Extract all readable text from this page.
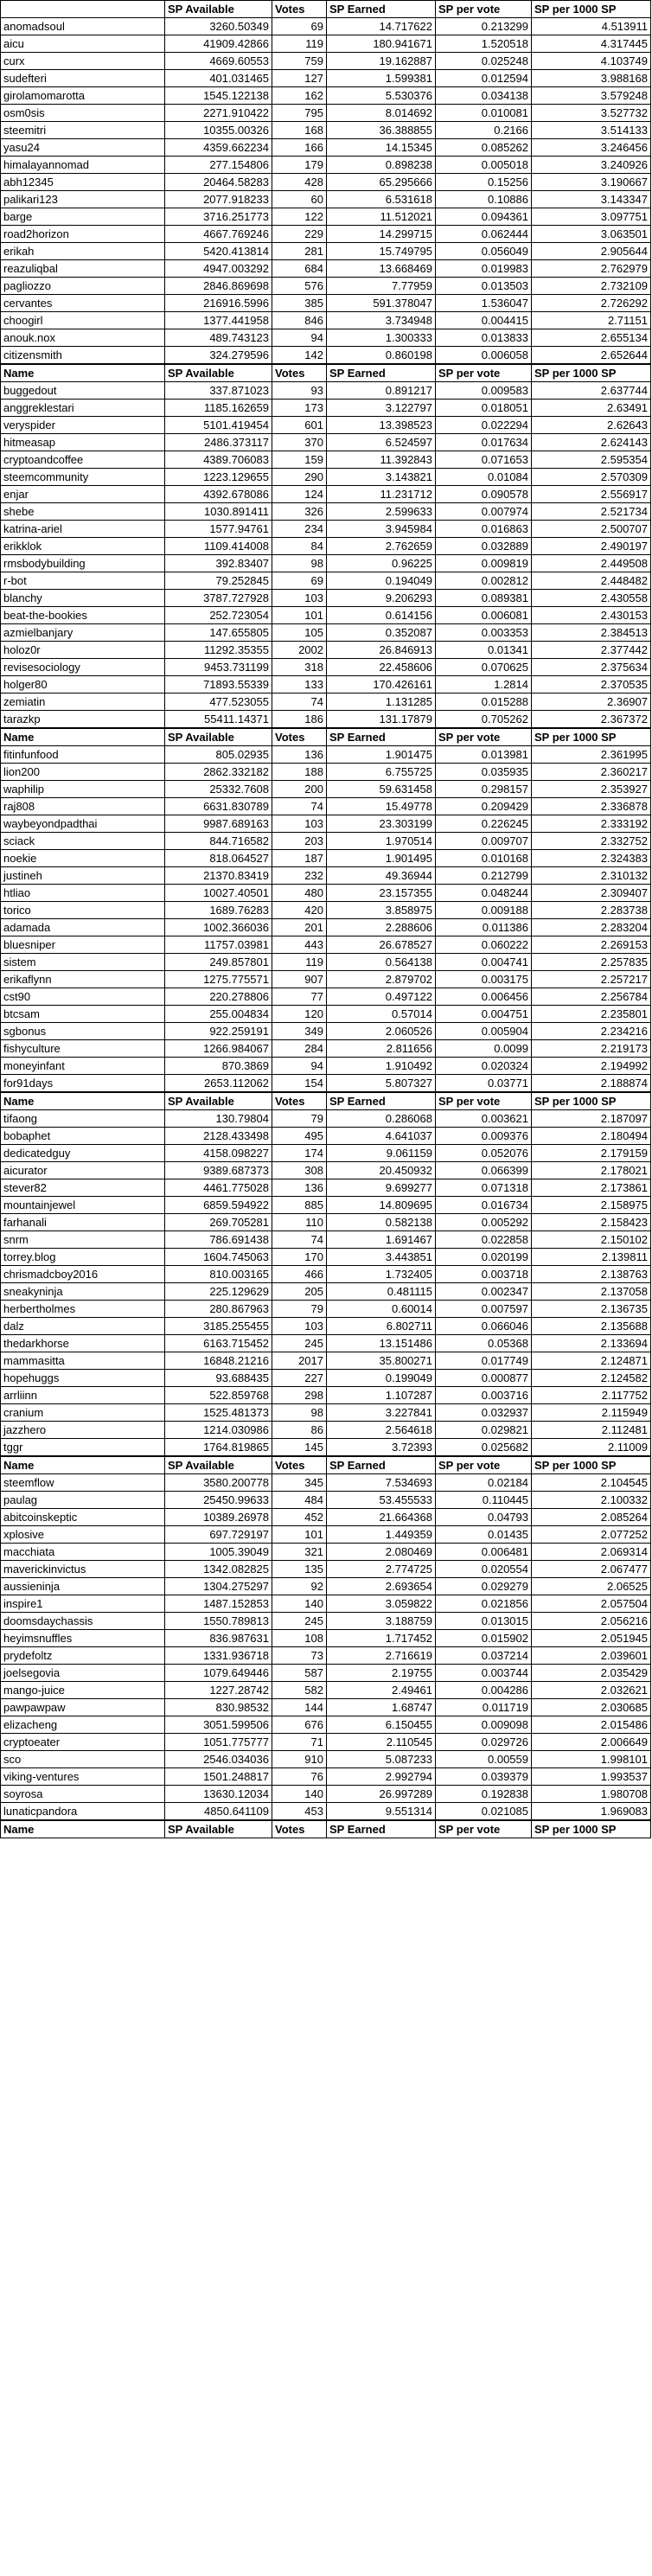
	SP Available	Votes	SP Earned	SP per vote	SP per 1000 SP
anomadsoul	3260.50349	69	14.717622	0.213299	4.513911
aicu	41909.42866	119	180.941671	1.520518	4.317445
curx	4669.60553	759	19.162887	0.025248	4.103749
sudefteri	401.031465	127	1.599381	0.012594	3.988168
girolamomarotta	1545.122138	162	5.530376	0.034138	3.579248
osm0sis	2271.910422	795	8.014692	0.010081	3.527732
steemitri	10355.00326	168	36.388855	0.2166	3.514133
yasu24	4359.662234	166	14.15345	0.085262	3.246456
himalayannomad	277.154806	179	0.898238	0.005018	3.240926
abh12345	20464.58283	428	65.295666	0.15256	3.190667
palikari123	2077.918233	60	6.531618	0.10886	3.143347
barge	3716.251773	122	11.512021	0.094361	3.097751
road2horizon	4667.769246	229	14.299715	0.062444	3.063501
erikah	5420.413814	281	15.749795	0.056049	2.905644
reazuliqbal	4947.003292	684	13.668469	0.019983	2.762979
pagliozzo	2846.869698	576	7.77959	0.013503	2.732109
cervantes	216916.5996	385	591.378047	1.536047	2.726292
choogirl	1377.441958	846	3.734948	0.004415	2.71151
anouk.nox	489.743123	94	1.300333	0.013833	2.655134
citizensmith	324.279596	142	0.860198	0.006058	2.652644
Name	SP Available	Votes	SP Earned	SP per vote	SP per 1000 SP
buggedout	337.871023	93	0.891217	0.009583	2.637744
anggreklestari	1185.162659	173	3.122797	0.018051	2.63491
veryspider	5101.419454	601	13.398523	0.022294	2.62643
hitmeasap	2486.373117	370	6.524597	0.017634	2.624143
cryptoandcoffee	4389.706083	159	11.392843	0.071653	2.595354
steemcommunity	1223.129655	290	3.143821	0.01084	2.570309
enjar	4392.678086	124	11.231712	0.090578	2.556917
shebe	1030.891411	326	2.599633	0.007974	2.521734
katrina-ariel	1577.94761	234	3.945984	0.016863	2.500707
erikklok	1109.414008	84	2.762659	0.032889	2.490197
rmsbodybuilding	392.83407	98	0.96225	0.009819	2.449508
r-bot	79.252845	69	0.194049	0.002812	2.448482
blanchy	3787.727928	103	9.206293	0.089381	2.430558
beat-the-bookies	252.723054	101	0.614156	0.006081	2.430153
azmielbanjary	147.655805	105	0.352087	0.003353	2.384513
holoz0r	11292.35355	2002	26.846913	0.01341	2.377442
revisesociology	9453.731199	318	22.458606	0.070625	2.375634
holger80	71893.55339	133	170.426161	1.2814	2.370535
zemiatin	477.523055	74	1.131285	0.015288	2.36907
tarazkp	55411.14371	186	131.17879	0.705262	2.367372
Name	SP Available	Votes	SP Earned	SP per vote	SP per 1000 SP
fitinfunfood	805.02935	136	1.901475	0.013981	2.361995
lion200	2862.332182	188	6.755725	0.035935	2.360217
waphilip	25332.7608	200	59.631458	0.298157	2.353927
raj808	6631.830789	74	15.49778	0.209429	2.336878
waybeyondpadthai	9987.689163	103	23.303199	0.226245	2.333192
sciack	844.716582	203	1.970514	0.009707	2.332752
noekie	818.064527	187	1.901495	0.010168	2.324383
justineh	21370.83419	232	49.36944	0.212799	2.310132
htliao	10027.40501	480	23.157355	0.048244	2.309407
torico	1689.76283	420	3.858975	0.009188	2.283738
adamada	1002.366036	201	2.288606	0.011386	2.283204
bluesniper	11757.03981	443	26.678527	0.060222	2.269153
sistem	249.857801	119	0.564138	0.004741	2.257835
erikaflynn	1275.775571	907	2.879702	0.003175	2.257217
cst90	220.278806	77	0.497122	0.006456	2.256784
btcsam	255.004834	120	0.57014	0.004751	2.235801
sgbonus	922.259191	349	2.060526	0.005904	2.234216
fishyculture	1266.984067	284	2.811656	0.0099	2.219173
moneyinfant	870.3869	94	1.910492	0.020324	2.194992
for91days	2653.112062	154	5.807327	0.03771	2.188874
Name	SP Available	Votes	SP Earned	SP per vote	SP per 1000 SP
tifaong	130.79804	79	0.286068	0.003621	2.187097
bobaphet	2128.433498	495	4.641037	0.009376	2.180494
dedicatedguy	4158.098227	174	9.061159	0.052076	2.179159
aicurator	9389.687373	308	20.450932	0.066399	2.178021
stever82	4461.775028	136	9.699277	0.071318	2.173861
mountainjewel	6859.594922	885	14.809695	0.016734	2.158975
farhanali	269.705281	110	0.582138	0.005292	2.158423
snrm	786.691438	74	1.691467	0.022858	2.150102
torrey.blog	1604.745063	170	3.443851	0.020199	2.139811
chrismadcboy2016	810.003165	466	1.732405	0.003718	2.138763
sneakyninja	225.129629	205	0.481115	0.002347	2.137058
herbertholmes	280.867963	79	0.60014	0.007597	2.136735
dalz	3185.255455	103	6.802711	0.066046	2.135688
thedarkhorse	6163.715452	245	13.151486	0.05368	2.133694
mammasitta	16848.21216	2017	35.800271	0.017749	2.124871
hopehuggs	93.688435	227	0.199049	0.000877	2.124582
arrliinn	522.859768	298	1.107287	0.003716	2.117752
cranium	1525.481373	98	3.227841	0.032937	2.115949
jazzhero	1214.030986	86	2.564618	0.029821	2.112481
tggr	1764.819865	145	3.72393	0.025682	2.11009
Name	SP Available	Votes	SP Earned	SP per vote	SP per 1000 SP
steemflow	3580.200778	345	7.534693	0.02184	2.104545
paulag	25450.99633	484	53.455533	0.110445	2.100332
abitcoinskeptic	10389.26978	452	21.664368	0.04793	2.085264
xplosive	697.729197	101	1.449359	0.01435	2.077252
macchiata	1005.39049	321	2.080469	0.006481	2.069314
maverickinvictus	1342.082825	135	2.774725	0.020554	2.067477
aussieninja	1304.275297	92	2.693654	0.029279	2.06525
inspire1	1487.152853	140	3.059822	0.021856	2.057504
doomsdaychassis	1550.789813	245	3.188759	0.013015	2.056216
heyimsnuffles	836.987631	108	1.717452	0.015902	2.051945
prydefoltz	1331.936718	73	2.716619	0.037214	2.039601
joelsegovia	1079.649446	587	2.19755	0.003744	2.035429
mango-juice	1227.28742	582	2.49461	0.004286	2.032621
pawpawpaw	830.98532	144	1.68747	0.011719	2.030685
elizacheng	3051.599506	676	6.150455	0.009098	2.015486
cryptoeater	1051.775777	71	2.110545	0.029726	2.006649
sco	2546.034036	910	5.087233	0.00559	1.998101
viking-ventures	1501.248817	76	2.992794	0.039379	1.993537
soyrosa	13630.12034	140	26.997289	0.192838	1.980708
lunaticpandora	4850.641109	453	9.551314	0.021085	1.969083
Name	SP Available	Votes	SP Earned	SP per vote	SP per 1000 SP
